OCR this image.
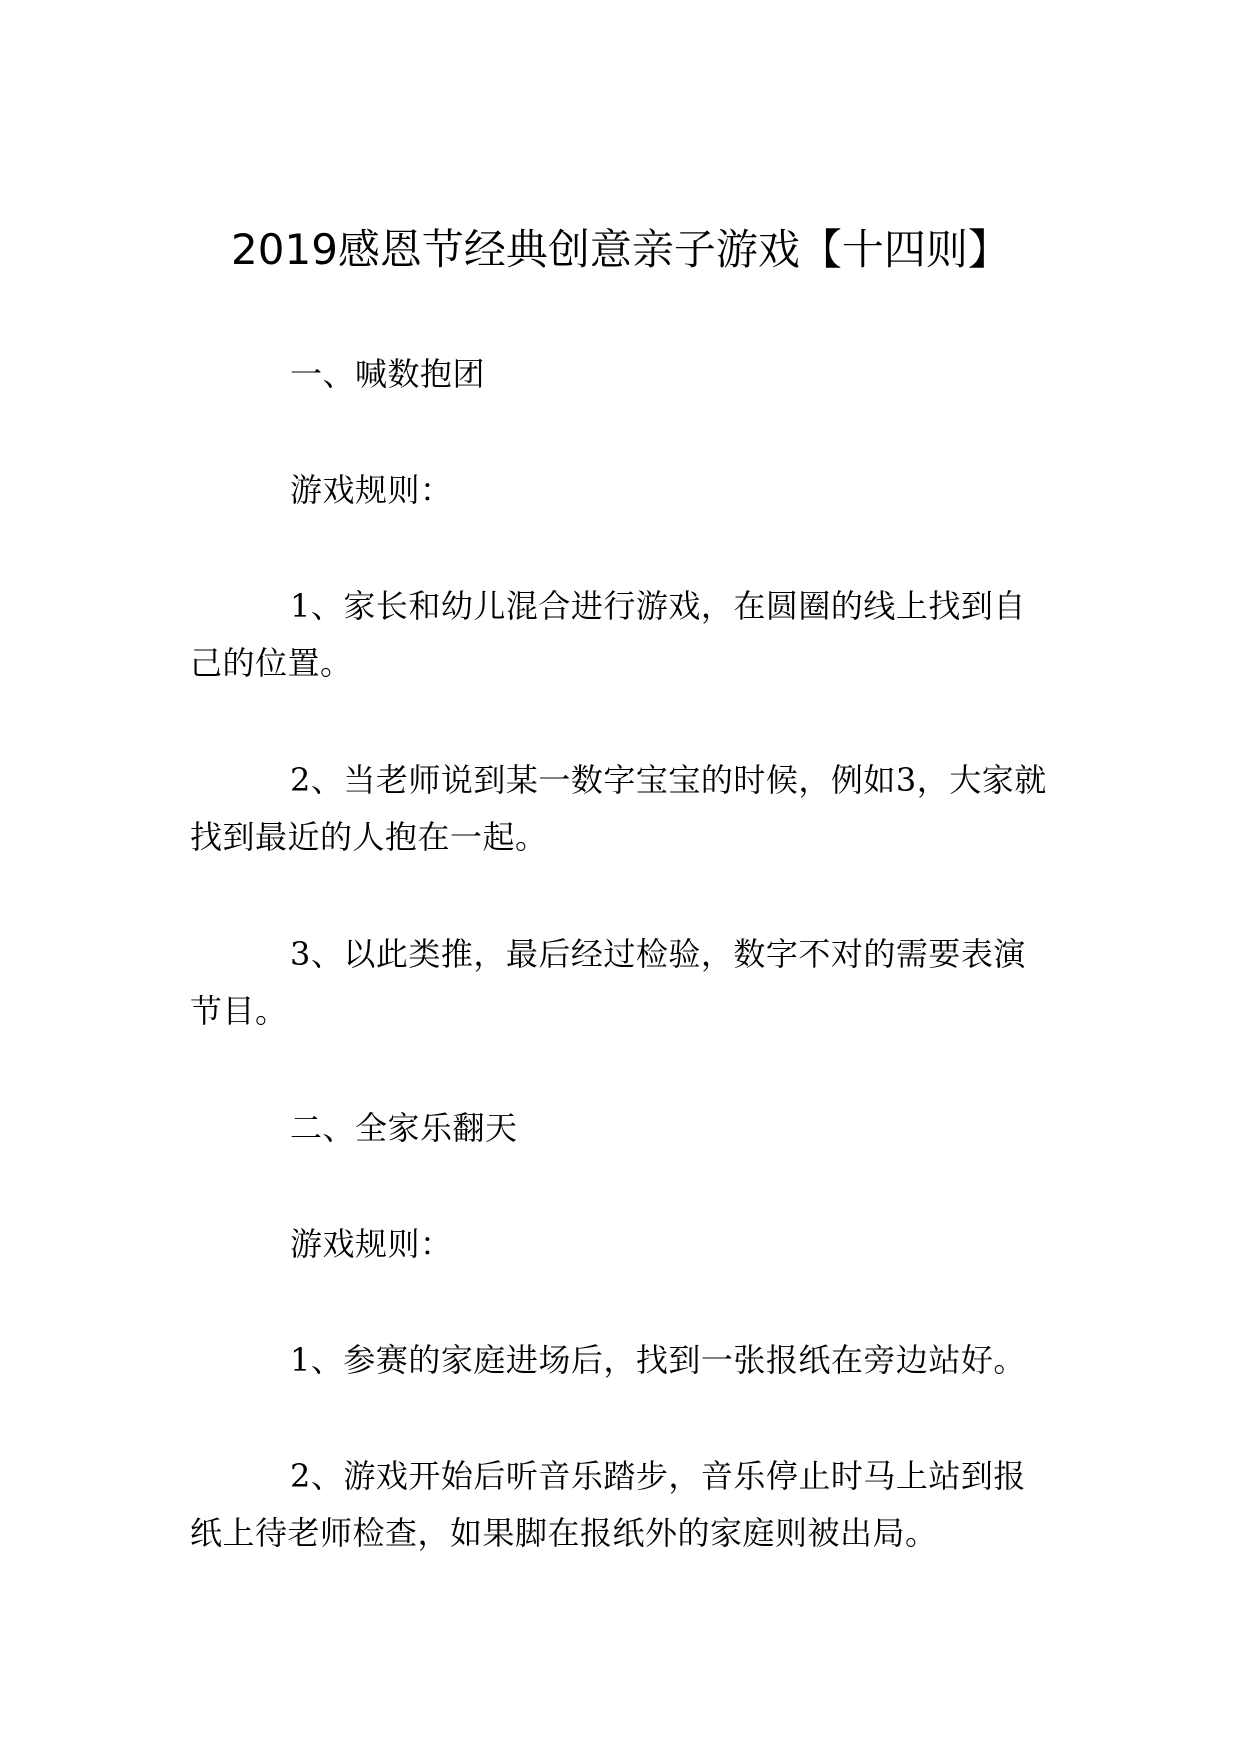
2019感恩节经典创意亲子游戏【十四则】

一、喊数抱团

游戏规则：

1、家长和幼儿混合进行游戏，在圆圈的线上找到自己的位置。

2、当老师说到某一数字宝宝的时候，例如3，大家就找到最近的人抱在一起。

3、以此类推，最后经过检验，数字不对的需要表演节目。

二、全家乐翻天

游戏规则：

1、参赛的家庭进场后，找到一张报纸在旁边站好。

2、游戏开始后听音乐踏步，音乐停止时马上站到报纸上待老师检查，如果脚在报纸外的家庭则被出局。
